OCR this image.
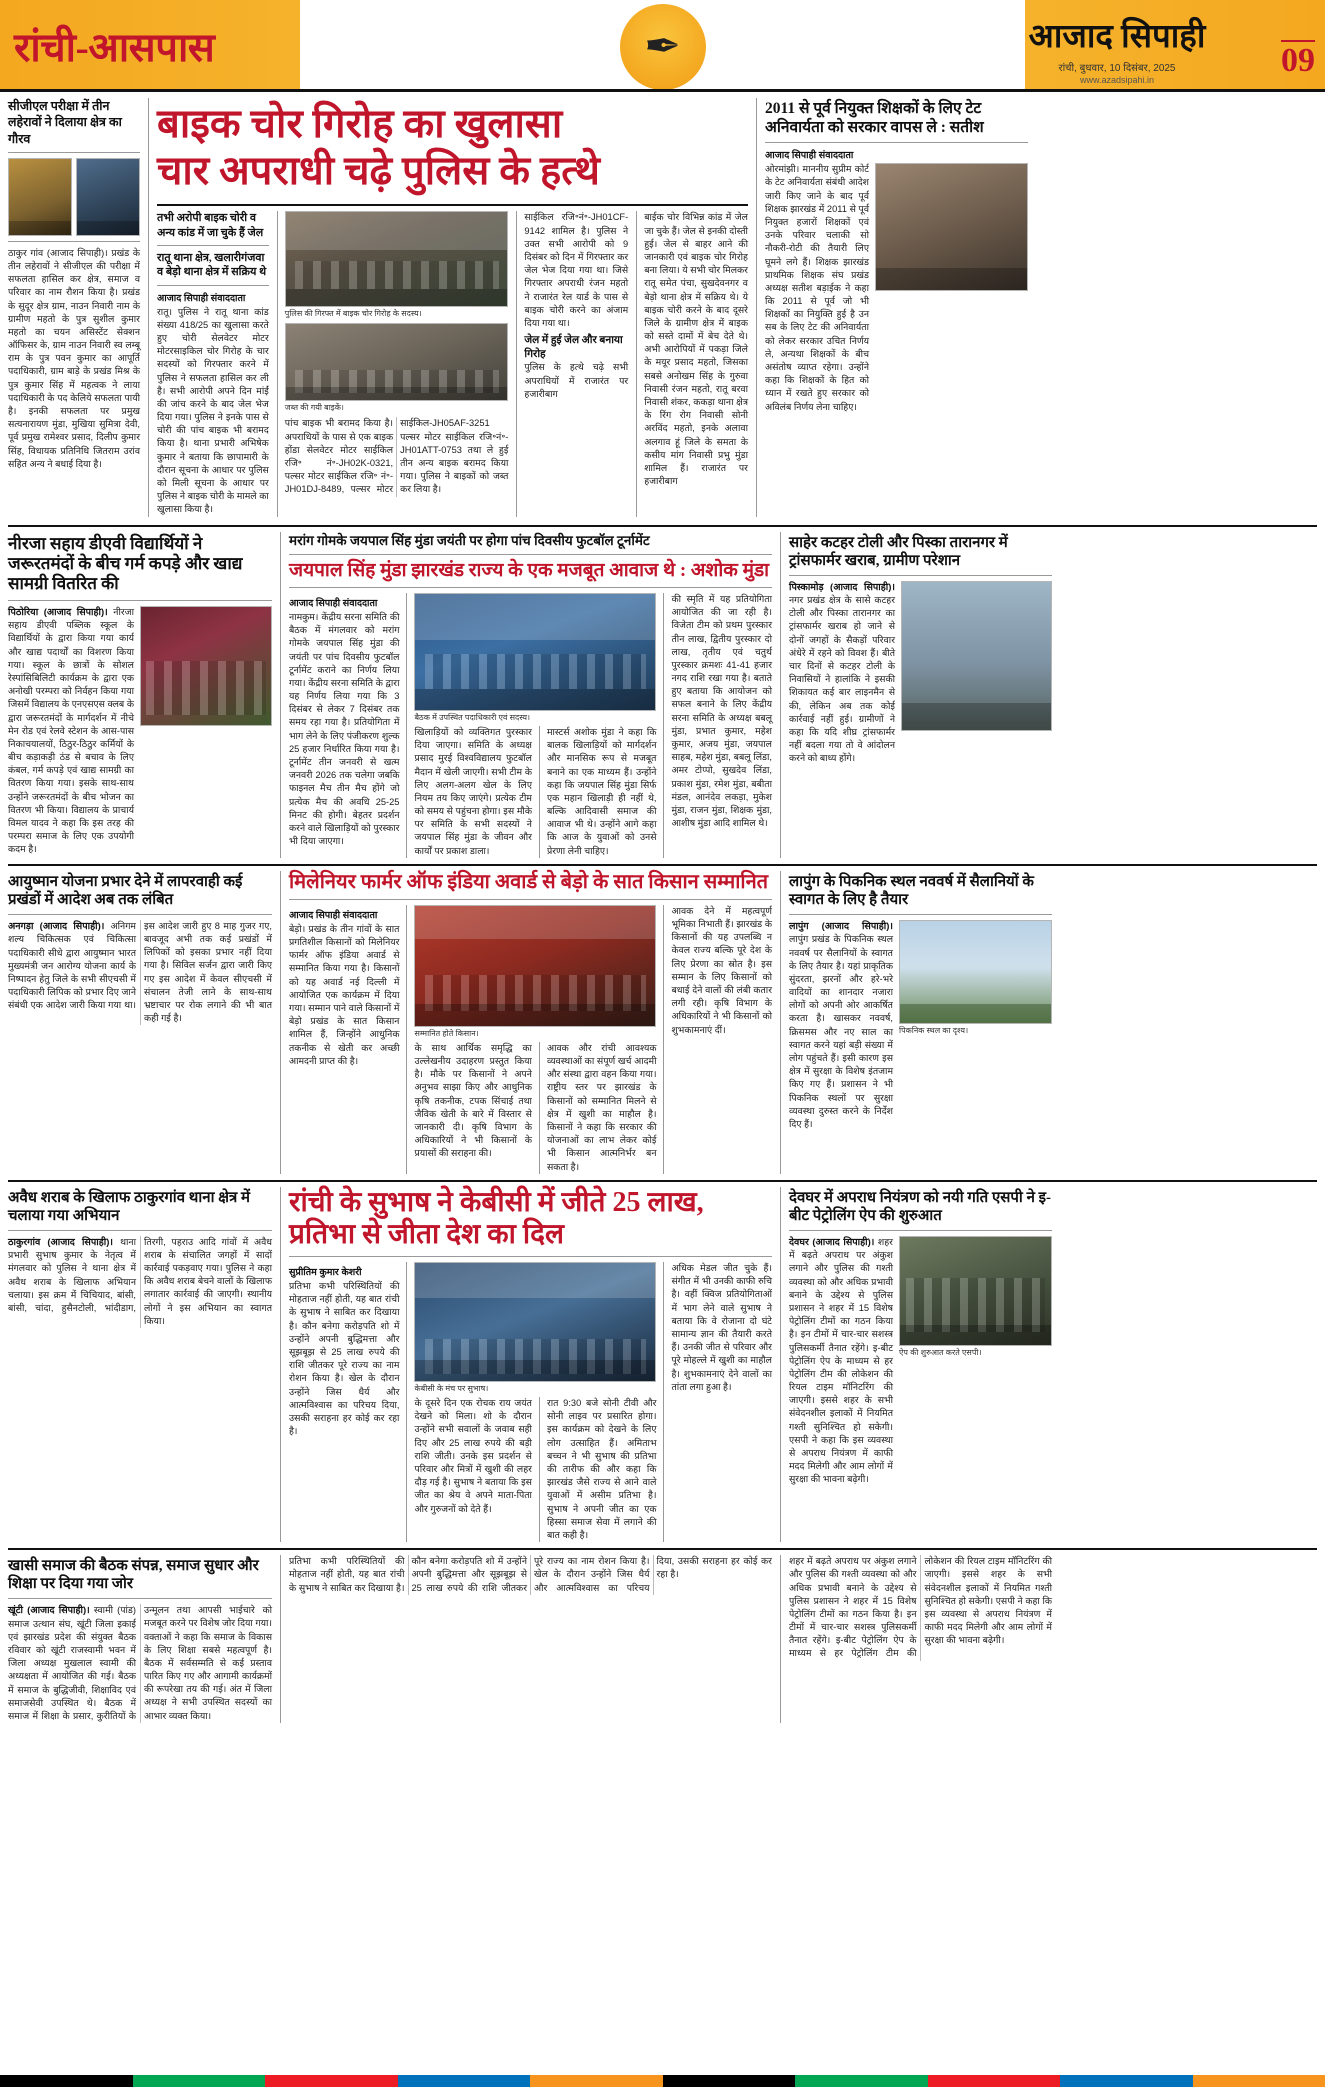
रांची-आसपास	✒	आजाद सिपाही
रांची, बुधवार, 10 दिसंबर, 2025
www.azadsipahi.in
09
सीजीएल परीक्षा में तीन लहेरावों ने दिलाया क्षेत्र का गौरव
ठाकुर गांव (आजाद सिपाही)। प्रखंड के तीन लहेरावों ने सीजीएल की परीक्षा में सफलता हासिल कर क्षेत्र, समाज व परिवार का नाम रौशन किया है। प्रखंड के सुदूर क्षेत्र ग्राम, नाउन निवारी नाम के ग्रामीण महतो के पुत्र सुशील कुमार महतो का चयन असिस्टेंट सेक्शन ऑफिसर के, ग्राम नाउन निवारी स्व लम्बू राम के पुत्र पवन कुमार का आपूर्ति पदाधिकारी, ग्राम बाड़े के प्रखंड मिश्र के पुत्र कुमार सिंह में महत्वक ने लाया पदाधिकारी के पद केलिये सफलता पायी है। इनकी सफलता पर प्रमुख सत्यनारायण मुंडा, मुखिया सुमित्रा देवी, पूर्व प्रमुख रामेश्वर प्रसाद, दिलीप कुमार सिंह, विधायक प्रतिनिधि जितराम उरांव सहित अन्य ने बधाई दिया है।
बाइक चोर गिरोह का खुलासा
चार अपराधी चढ़े पुलिस के हत्थे
तभी अरोपी बाइक चोरी व अन्य कांड में जा चुके हैं जेल
रातू थाना क्षेत्र, खलारीगंजवा व बेड़ो थाना क्षेत्र में सक्रिय थे
आजाद सिपाही संवाददाता
रातू। पुलिस ने रातू थाना कांड संख्या 418/25 का खुलासा करते हुए चोरी सेलवेटर मोटर मोटरसाइकिल चोर गिरोह के चार सदस्यों को गिरफ्तार करने में पुलिस ने सफलता हासिल कर ली है। सभी आरोपी अपने दिन मांईं की जांच करने के बाद जेल भेज दिया गया। पुलिस ने इनके पास से चोरी की पांच बाइक भी बरामद किया है। थाना प्रभारी अभिषेक कुमार ने बताया कि छापामारी के दौरान सूचना के आधार पर पुलिस को मिली सूचना के आधार पर पुलिस ने बाइक चोरी के मामले का खुलासा किया है।
पुलिस की गिरफ्त में बाइक चोर गिरोह के सदस्य।
जब्त की गयी बाइकें।
पांच बाइक भी बरामद किया है। अपराधियों के पास से एक बाइक होंडा सेलवेटर मोटर साईकिल रजि॰ नं॰-JH02K-0321, पल्सर मोटर साईकिल रजि॰ नं॰-JH01DJ-8489, पल्सर मोटर साईकिल-JH05AF-3251 पल्सर मोटर साईकिल रजि॰नं॰-JH01ATT-0753 तथा ले हुई तीन अन्य बाइक बरामद किया गया। पुलिस ने बाइकों को जब्त कर लिया है।
साईकिल रजि॰नं॰-JH01CF-9142 शामिल है। पुलिस ने उक्त सभी आरोपी को 9 दिसंबर को दिन में गिरफ्तार कर जेल भेज दिया गया था। जिसे गिरफ्तार अपराधी रंजन महतो ने राजारंत रेल यार्ड के पास से बाइक चोरी करने का अंजाम दिया गया था।
जेल में हुई जेल और बनाया गिरोह
पुलिस के हत्थे चढ़े सभी अपराधियों में राजारंत पर हजारीबाग
बाईक चोर विभिन्न कांड में जेल जा चुके हैं। जेल से इनकी दोस्ती हुई। जेल से बाहर आने की जानकारी एवं बाइक चोर गिरोह बना लिया। ये सभी चोर मिलकर रातू समेत पंचा, सुखदेवनगर व बेड़ो थाना क्षेत्र में सक्रिय थे। ये बाइक चोरी करने के बाद दूसरे जिले के ग्रामीण क्षेत्र में बाइक को सस्ते दामों में बेच देते थे। अभी आरोपियों में पकड़ा जिले के मयूर प्रसाद महतो, जिसका सबसे अनोखम सिंह के गुरुवा निवासी रंजन महतो, रातू बरवा निवासी शंकर, ककड़ा थाना क्षेत्र के रिंग रोग निवासी सोनी अरविंद महतो, इनके अलावा अलगाव हूं जिले के समता के कसीय मांग निवासी प्रभु मुंडा शामिल हैं। राजारंत पर हजारीबाग
2011 से पूर्व नियुक्त शिक्षकों के लिए टेट अनिवार्यता को सरकार वापस ले : सतीश
आजाद सिपाही संवाददाता
ओरमांझी। माननीय सुप्रीम कोर्ट के टेट अनिवार्यता संबंधी आदेश जारी किए जाने के बाद पूर्व शिक्षक झारखंड में 2011 से पूर्व नियुक्त हजारों शिक्षकों एवं उनके परिवार चलाकी सो नौकरी-रोटी की तैयारी लिए घूमने लगे हैं। शिक्षक झारखंड प्राथमिक शिक्षक संघ प्रखंड अध्यक्ष सतीश बड़ाईक ने कहा कि 2011 से पूर्व जो भी शिक्षकों का नियुक्ति हुई है उन सब के लिए टेट की अनिवार्यता को लेकर सरकार उचित निर्णय ले, अन्यथा शिक्षकों के बीच असंतोष व्याप्त रहेगा। उन्होंने कहा कि शिक्षकों के हित को ध्यान में रखते हुए सरकार को अविलंब निर्णय लेना चाहिए।
नीरजा सहाय डीएवी विद्यार्थियों ने जरूरतमंदों के बीच गर्म कपड़े और खाद्य सामग्री वितरित की
पिठोरिया (आजाद सिपाही)। नीरजा सहाय डीएवी पब्लिक स्कूल के विद्यार्थियों के द्वारा किया गया कार्य और खाद्य पदार्थों का विशरण किया गया। स्कूल के छात्रों के सोशल रेस्पांसिबिलिटी कार्यक्रम के द्वारा एक अनोखी परम्परा को निर्वहन किया गया जिसमें विद्यालय के एनएसएस क्लब के द्वारा जरूरतमंदों के मार्गदर्शन में नीचे मेन रोड एवं रेलवे स्टेशन के आस-पास निकाचयालयों, ठिठुर-ठिठुर कर्मियों के बीच कड़ाकड़ी ठंड से बचाव के लिए कंबल, गर्म कपड़े एवं खाद्य सामग्री का वितरण किया गया। इसके साथ-साथ उन्होंने जरूरतमंदों के बीच भोजन का वितरण भी किया। विद्यालय के प्राचार्य विमल यादव ने कहा कि इस तरह की परम्परा समाज के लिए एक उपयोगी कदम है।
मरांग गोमके जयपाल सिंह मुंडा जयंती पर होगा पांच दिवसीय फुटबॉल टूर्नामेंट
जयपाल सिंह मुंडा झारखंड राज्य के एक मजबूत आवाज थे : अशोक मुंडा
आजाद सिपाही संवाददाता
नामकुम। केंद्रीय सरना समिति की बैठक में मंगलवार को मरांग गोमके जयपाल सिंह मुंडा की जयंती पर पांच दिवसीय फुटबॉल टूर्नामेंट कराने का निर्णय लिया गया। केंद्रीय सरना समिति के द्वारा यह निर्णय लिया गया कि 3 दिसंबर से लेकर 7 दिसंबर तक समय रहा गया है। प्रतियोगिता में भाग लेने के लिए पंजीकरण शुल्क 25 हजार निर्धारित किया गया है। टूर्नामेंट तीन जनवरी से खत्म जनवरी 2026 तक चलेगा जबकि फाइनल मैच तीन मैच होंगे जो प्रत्येक मैच की अवधि 25-25 मिनट की होगी। बेहतर प्रदर्शन करने वाले खिलाड़ियों को पुरस्कार भी दिया जाएगा।
बैठक में उपस्थित पदाधिकारी एवं सदस्य।
खिलाड़ियों को व्यक्तिगत पुरस्कार दिया जाएगा। समिति के अध्यक्ष प्रसाद मुरई विश्वविद्यालय फुटबॉल मैदान में खेली जाएगी। सभी टीम के लिए अलग-अलग खेल के लिए नियम तय किए जाएंगे। प्रत्येक टीम को समय से पहुंचना होगा। इस मौके पर समिति के सभी सदस्यों ने जयपाल सिंह मुंडा के जीवन और कार्यों पर प्रकाश डाला।
मास्टर्स अशोक मुंडा ने कहा कि बालक खिलाड़ियों को मार्गदर्शन और मानसिक रूप से मजबूत बनाने का एक माध्यम हैं। उन्होंने कहा कि जयपाल सिंह मुंडा सिर्फ एक महान खिलाड़ी ही नहीं थे, बल्कि आदिवासी समाज की आवाज भी थे। उन्होंने आगे कहा कि आज के युवाओं को उनसे प्रेरणा लेनी चाहिए।
की स्मृति में यह प्रतियोगिता आयोजित की जा रही है। विजेता टीम को प्रथम पुरस्कार तीन लाख, द्वितीय पुरस्कार दो लाख, तृतीय एवं चतुर्थ पुरस्कार क्रमशः 41-41 हजार नगद राशि रखा गया है। बताते हुए बताया कि आयोजन को सफल बनाने के लिए केंद्रीय सरना समिति के अध्यक्ष बबलू मुंडा, प्रभात कुमार, महेश कुमार, अजय मुंडा, जयपाल साहब, महेश मुंडा, बबलू लिंडा, अमर टोप्पो, सुखदेव लिंडा, प्रकाश मुंडा, रमेश मुंडा, बबीता मंडल, आनंदेव लकड़ा, मुकेश मुंडा, राजन मुंडा, शिक्षक मुंडा, आशीष मुंडा आदि शामिल थे।
साहेर कटहर टोली और पिस्का तारानगर में ट्रांसफार्मर खराब, ग्रामीण परेशान
पिस्कामोड़ (आजाद सिपाही)। नगर प्रखंड क्षेत्र के सासे कटहर टोली और पिस्का तारानगर का ट्रांसफार्मर खराब हो जाने से दोनों जगहों के सैकड़ों परिवार अंधेरे में रहने को विवश हैं। बीते चार दिनों से कटहर टोली के निवासियों ने हालांकि ने इसकी शिकायत कई बार लाइनमैन से की, लेकिन अब तक कोई कार्रवाई नहीं हुई। ग्रामीणों ने कहा कि यदि शीघ्र ट्रांसफार्मर नहीं बदला गया तो वे आंदोलन करने को बाध्य होंगे।
आयुष्मान योजना प्रभार देने में लापरवाही कई प्रखंडों में आदेश अब तक लंबित
अनगड़ा (आजाद सिपाही)। अनिगम शल्य चिकित्सक एवं चिकित्सा पदाधिकारी सीधे द्वारा आयुष्मान भारत मुख्यमंत्री जन आरोग्य योजना कार्य के निष्पादन हेतु जिले के सभी सीएचसी में पदाधिकारी लिपिक को प्रभार दिए जाने संबंधी एक आदेश जारी किया गया था। इस आदेश जारी हुए 8 माह गुजर गए, बावजूद अभी तक कई प्रखंडों में लिपिकों को इसका प्रभार नहीं दिया गया है। सिविल सर्जन द्वारा जारी किए गए इस आदेश में केवल सीएचसी में संचालन तेजी लाने के साथ-साथ भ्रष्टाचार पर रोक लगाने की भी बात कही गई है।
मिलेनियर फार्मर ऑफ इंडिया अवार्ड से बेड़ो के सात किसान सम्मानित
आजाद सिपाही संवाददाता
बेड़ो। प्रखंड के तीन गांवों के सात प्रगतिशील किसानों को मिलेनियर फार्मर ऑफ इंडिया अवार्ड से सम्मानित किया गया है। किसानों को यह अवार्ड नई दिल्ली में आयोजित एक कार्यक्रम में दिया गया। सम्मान पाने वाले किसानों में बेड़ो प्रखंड के सात किसान शामिल हैं, जिन्होंने आधुनिक तकनीक से खेती कर अच्छी आमदनी प्राप्त की है।
सम्मानित होते किसान।
के साथ आर्थिक समृद्धि का उल्लेखनीय उदाहरण प्रस्तुत किया है। मौके पर किसानों ने अपने अनुभव साझा किए और आधुनिक कृषि तकनीक, टपक सिंचाई तथा जैविक खेती के बारे में विस्तार से जानकारी दी। कृषि विभाग के अधिकारियों ने भी किसानों के प्रयासों की सराहना की।
आवक और रांची आवश्यक व्यवस्थाओं का संपूर्ण खर्च आदमी और संस्था द्वारा वहन किया गया। राष्ट्रीय स्तर पर झारखंड के किसानों को सम्मानित मिलने से क्षेत्र में खुशी का माहौल है। किसानों ने कहा कि सरकार की योजनाओं का लाभ लेकर कोई भी किसान आत्मनिर्भर बन सकता है।
आवक देने में महत्वपूर्ण भूमिका निभाती हैं। झारखंड के किसानों की यह उपलब्धि न केवल राज्य बल्कि पूरे देश के लिए प्रेरणा का स्रोत है। इस सम्मान के लिए किसानों को बधाई देने वालों की लंबी कतार लगी रही। कृषि विभाग के अधिकारियों ने भी किसानों को शुभकामनाएं दीं।
लापुंग के पिकनिक स्थल नववर्ष में सैलानियों के स्वागत के लिए है तैयार
लापुंग (आजाद सिपाही)। लापुंग प्रखंड के पिकनिक स्थल नववर्ष पर सैलानियों के स्वागत के लिए तैयार है। यहां प्राकृतिक सुंदरता, झरनों और हरे-भरे वादियों का शानदार नजारा लोगों को अपनी ओर आकर्षित करता है। खासकर नववर्ष, क्रिसमस और नए साल का स्वागत करने यहां बड़ी संख्या में लोग पहुंचते हैं। इसी कारण इस क्षेत्र में सुरक्षा के विशेष इंतजाम किए गए हैं। प्रशासन ने भी पिकनिक स्थलों पर सुरक्षा व्यवस्था दुरुस्त करने के निर्देश दिए हैं।
पिकनिक स्थल का दृश्य।
अवैध शराब के खिलाफ ठाकुरगांव थाना क्षेत्र में चलाया गया अभियान
ठाकुरगांव (आजाद सिपाही)। थाना प्रभारी सुभाष कुमार के नेतृत्व में मंगलवार को पुलिस ने थाना क्षेत्र में अवैध शराब के खिलाफ अभियान चलाया। इस क्रम में चिचियाद, बांसी, बांसी, चांदा, हुसैनटोली, भांदीडाग, तिरगी, पहराउ आदि गांवों में अवैध शराब के संचालित जगहों में सादों कार्रवाई पकड़वाए गया। पुलिस ने कहा कि अवैध शराब बेचने वालों के खिलाफ लगातार कार्रवाई की जाएगी। स्थानीय लोगों ने इस अभियान का स्वागत किया।
रांची के सुभाष ने केबीसी में जीते 25 लाख, प्रतिभा से जीता देश का दिल
सुप्रीतिम कुमार केशरी
प्रतिभा कभी परिस्थितियों की मोहताज नहीं होती, यह बात रांची के सुभाष ने साबित कर दिखाया है। कौन बनेगा करोड़पति शो में उन्होंने अपनी बुद्धिमत्ता और सूझबूझ से 25 लाख रुपये की राशि जीतकर पूरे राज्य का नाम रोशन किया है। खेल के दौरान उन्होंने जिस धैर्य और आत्मविश्वास का परिचय दिया, उसकी सराहना हर कोई कर रहा है।
केबीसी के मंच पर सुभाष।
के दूसरे दिन एक रोचक राय जयंत देखने को मिला। शो के दौरान उन्होंने सभी सवालों के जवाब सही दिए और 25 लाख रुपये की बड़ी राशि जीती। उनके इस प्रदर्शन से परिवार और मित्रों में खुशी की लहर दौड़ गई है। सुभाष ने बताया कि इस जीत का श्रेय वे अपने माता-पिता और गुरुजनों को देते हैं।
रात 9:30 बजे सोनी टीवी और सोनी लाइव पर प्रसारित होगा। इस कार्यक्रम को देखने के लिए लोग उत्साहित हैं। अमिताभ बच्चन ने भी सुभाष की प्रतिभा की तारीफ की और कहा कि झारखंड जैसे राज्य से आने वाले युवाओं में असीम प्रतिभा है। सुभाष ने अपनी जीत का एक हिस्सा समाज सेवा में लगाने की बात कही है।
अधिक मेडल जीत चुके हैं। संगीत में भी उनकी काफी रुचि है। वहीं क्विज प्रतियोगिताओं में भाग लेने वाले सुभाष ने बताया कि वे रोजाना दो घंटे सामान्य ज्ञान की तैयारी करते हैं। उनकी जीत से परिवार और पूरे मोहल्ले में खुशी का माहौल है। शुभकामनाएं देने वालों का तांता लगा हुआ है।
देवघर में अपराध नियंत्रण को नयी गति एसपी ने इ-बीट पेट्रोलिंग ऐप की शुरुआत
देवघर (आजाद सिपाही)। शहर में बढ़ते अपराध पर अंकुश लगाने और पुलिस की गश्ती व्यवस्था को और अधिक प्रभावी बनाने के उद्देश्य से पुलिस प्रशासन ने शहर में 15 विशेष पेट्रोलिंग टीमों का गठन किया है। इन टीमों में चार-चार सशस्त्र पुलिसकर्मी तैनात रहेंगे। इ-बीट पेट्रोलिंग ऐप के माध्यम से हर पेट्रोलिंग टीम की लोकेशन की रियल टाइम मॉनिटरिंग की जाएगी। इससे शहर के सभी संवेदनशील इलाकों में नियमित गश्ती सुनिश्चित हो सकेगी। एसपी ने कहा कि इस व्यवस्था से अपराध नियंत्रण में काफी मदद मिलेगी और आम लोगों में सुरक्षा की भावना बढ़ेगी।
ऐप की शुरुआत करते एसपी।
खासी समाज की बैठक संपन्न, समाज सुधार और शिक्षा पर दिया गया जोर
खूंटी (आजाद सिपाही)। स्वामी (पांड) समाज उत्थान संघ, खूंटी जिला इकाई एवं झारखंड प्रदेश की संयुक्त बैठक रविवार को खूंटी राजस्वामी भवन में जिला अध्यक्ष मुखलाल स्वामी की अध्यक्षता में आयोजित की गई। बैठक में समाज के बुद्धिजीवी, शिक्षाविद एवं समाजसेवी उपस्थित थे। बैठक में समाज में शिक्षा के प्रसार, कुरीतियों के उन्मूलन तथा आपसी भाईचारे को मजबूत करने पर विशेष जोर दिया गया। वक्ताओं ने कहा कि समाज के विकास के लिए शिक्षा सबसे महत्वपूर्ण है। बैठक में सर्वसम्मति से कई प्रस्ताव पारित किए गए और आगामी कार्यक्रमों की रूपरेखा तय की गई। अंत में जिला अध्यक्ष ने सभी उपस्थित सदस्यों का आभार व्यक्त किया।
प्रतिभा कभी परिस्थितियों की मोहताज नहीं होती, यह बात रांची के सुभाष ने साबित कर दिखाया है। कौन बनेगा करोड़पति शो में उन्होंने अपनी बुद्धिमत्ता और सूझबूझ से 25 लाख रुपये की राशि जीतकर पूरे राज्य का नाम रोशन किया है। खेल के दौरान उन्होंने जिस धैर्य और आत्मविश्वास का परिचय दिया, उसकी सराहना हर कोई कर रहा है।
शहर में बढ़ते अपराध पर अंकुश लगाने और पुलिस की गश्ती व्यवस्था को और अधिक प्रभावी बनाने के उद्देश्य से पुलिस प्रशासन ने शहर में 15 विशेष पेट्रोलिंग टीमों का गठन किया है। इन टीमों में चार-चार सशस्त्र पुलिसकर्मी तैनात रहेंगे। इ-बीट पेट्रोलिंग ऐप के माध्यम से हर पेट्रोलिंग टीम की लोकेशन की रियल टाइम मॉनिटरिंग की जाएगी। इससे शहर के सभी संवेदनशील इलाकों में नियमित गश्ती सुनिश्चित हो सकेगी। एसपी ने कहा कि इस व्यवस्था से अपराध नियंत्रण में काफी मदद मिलेगी और आम लोगों में सुरक्षा की भावना बढ़ेगी।
